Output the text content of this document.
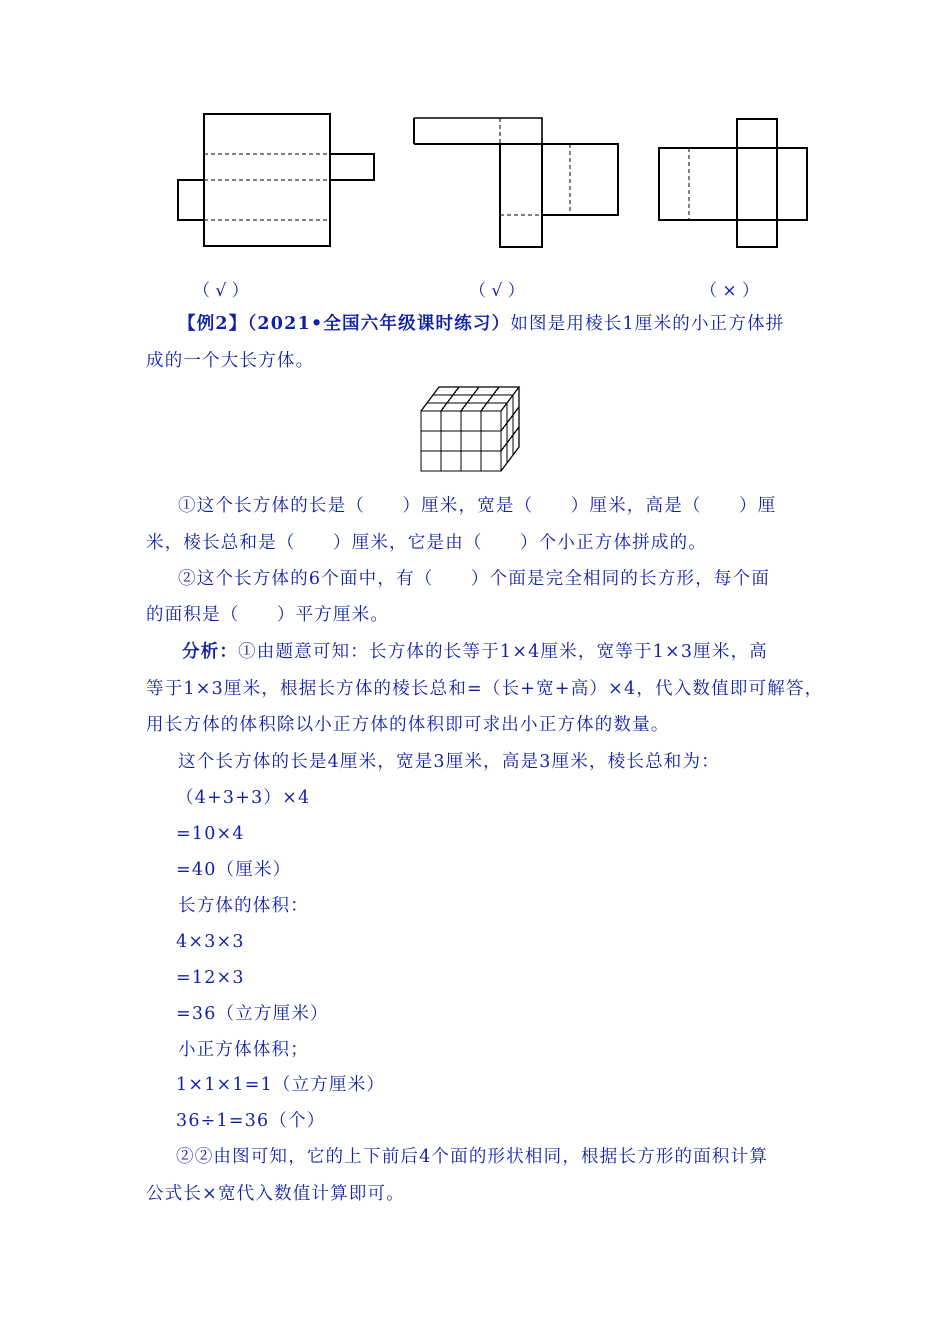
（ √ ）	（ √ ）	（ × ）
【例2】（2021•全国六年级课时练习）如图是用棱长1厘米的小正方体拼
成的一个大长方体。
①这个长方体的长是（　　）厘米，宽是（　　）厘米，高是（　　）厘
米，棱长总和是（　　）厘米，它是由（　　）个小正方体拼成的。
②这个长方体的6个面中，有（　　）个面是完全相同的长方形，每个面
的面积是（　　）平方厘米。
分析：①由题意可知：长方体的长等于1×4厘米，宽等于1×3厘米，高
等于1×3厘米，根据长方体的棱长总和=（长+宽+高）×4，代入数值即可解答，
用长方体的体积除以小正方体的体积即可求出小正方体的数量。
这个长方体的长是4厘米，宽是3厘米，高是3厘米，棱长总和为：
（4+3+3）×4
=10×4
=40（厘米）
长方体的体积：
4×3×3
=12×3
=36（立方厘米）
小正方体体积；
1×1×1=1（立方厘米）
36÷1=36（个）
②②由图可知，它的上下前后4个面的形状相同，根据长方形的面积计算
公式长×宽代入数值计算即可。
